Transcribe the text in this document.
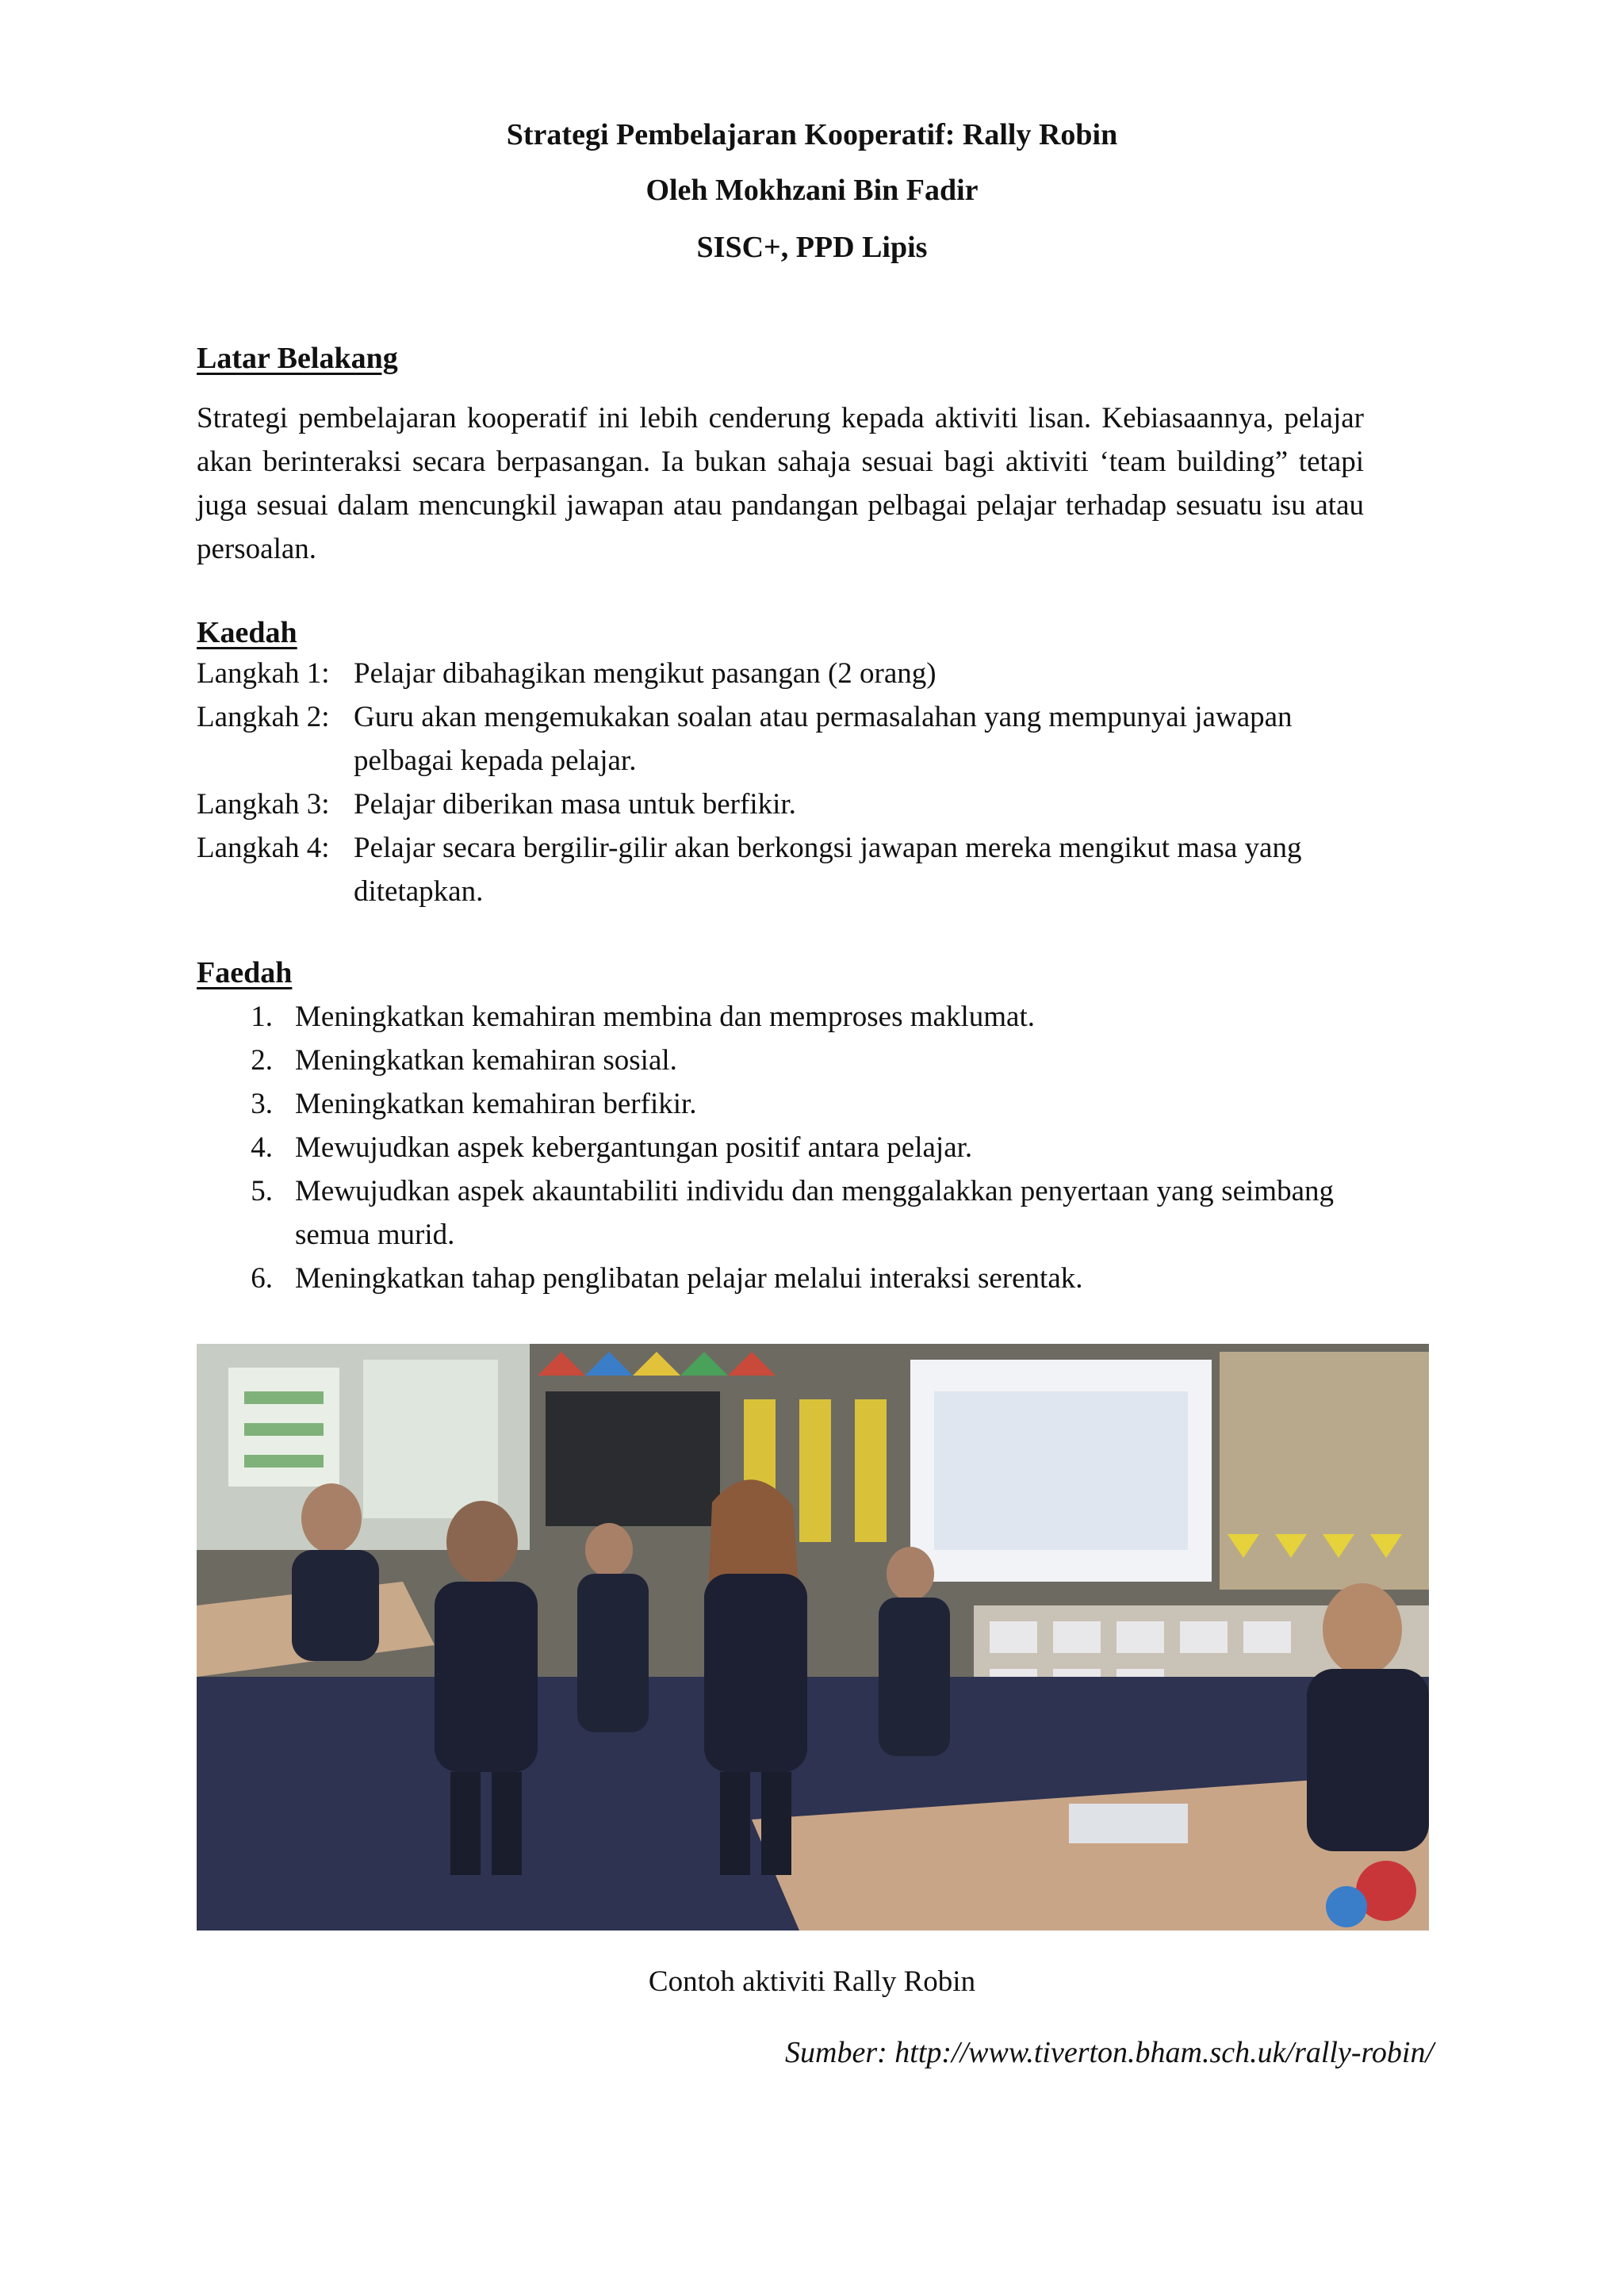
Strategi Pembelajaran Kooperatif: Rally Robin
Oleh Mokhzani Bin Fadir
SISC+, PPD Lipis
Latar Belakang
Strategi pembelajaran kooperatif ini lebih cenderung kepada aktiviti lisan. Kebiasaannya, pelajar akan berinteraksi secara berpasangan. Ia bukan sahaja sesuai bagi aktiviti ‘team building” tetapi juga sesuai dalam mencungkil jawapan atau pandangan pelbagai pelajar terhadap sesuatu isu atau persoalan.
Kaedah
Langkah 1: Pelajar dibahagikan mengikut pasangan (2 orang)
Langkah 2: Guru akan mengemukakan soalan atau permasalahan yang mempunyai jawapan pelbagai kepada pelajar.
Langkah 3: Pelajar diberikan masa untuk berfikir.
Langkah 4: Pelajar secara bergilir-gilir akan berkongsi jawapan mereka mengikut masa yang ditetapkan.
Faedah
1. Meningkatkan kemahiran membina dan memproses maklumat.
2. Meningkatkan kemahiran sosial.
3. Meningkatkan kemahiran berfikir.
4. Mewujudkan aspek kebergantungan positif antara pelajar.
5. Mewujudkan aspek akauntabiliti individu dan menggalakkan penyertaan yang seimbang semua murid.
6. Meningkatkan tahap penglibatan pelajar melalui interaksi serentak.
Contoh aktiviti Rally Robin
Sumber: http://www.tiverton.bham.sch.uk/rally-robin/
